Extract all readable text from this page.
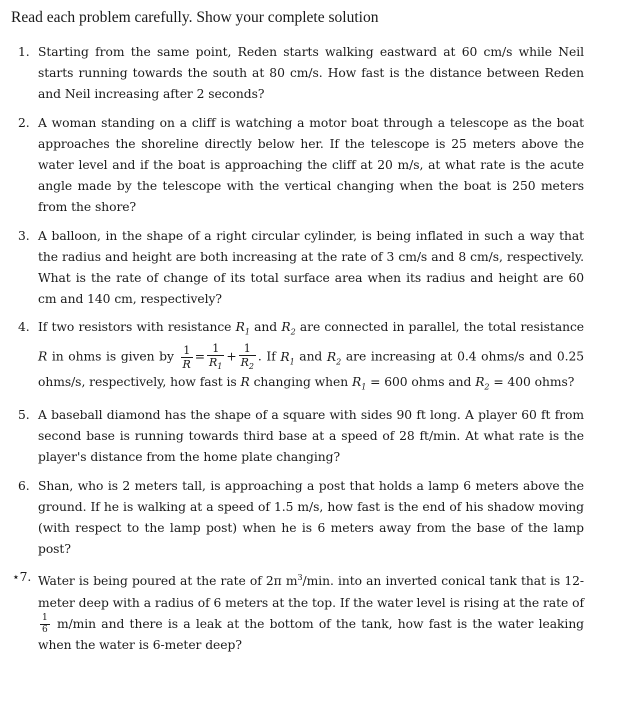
Read each problem carefully. Show your complete solution
1. Starting from the same point, Reden starts walking eastward at 60 cm/s while Neil starts running towards the south at 80 cm/s. How fast is the distance between Reden and Neil increasing after 2 seconds?
2. A woman standing on a cliff is watching a motor boat through a telescope as the boat approaches the shoreline directly below her. If the telescope is 25 meters above the water level and if the boat is approaching the cliff at 20 m/s, at what rate is the acute angle made by the telescope with the vertical changing when the boat is 250 meters from the shore?
3. A balloon, in the shape of a right circular cylinder, is being inflated in such a way that the radius and height are both increasing at the rate of 3 cm/s and 8 cm/s, respectively. What is the rate of change of its total surface area when its radius and height are 60 cm and 140 cm, respectively?
4. If two resistors with resistance $R_1$ and $R_2$ are connected in parallel, the total resistance R in ohms is given by $\frac{1}{R} = \frac{1}{R_1} + \frac{1}{R_2}$ . If $R_1$ and $R_2$ are increasing at 0.4 ohms/s and 0.25 ohms/s, respectively, how fast is R changing when $R_1 = 600$ ohms and $R_2 = 400$ ohms?
5. A baseball diamond has the shape of a square with sides 90 ft long. A player 60 ft from second base is running towards third base at a speed of 28 ft/min. At what rate is the player's distance from the home plate changing?
6. Shan, who is 2 meters tall, is approaching a post that holds a lamp 6 meters above the ground. If he is walking at a speed of 1.5 m/s, how fast is the end of his shadow moving (with respect to the lamp post) when he is 6 meters away from the base of the lamp post?
⋆7. Water is being poured at the rate of 2π $m^3/\min$. into an inverted conical tank that is 12-meter deep with a radius of 6 meters at the top. If the water level is rising at the rate of
$\frac{1}{6} m/\min$ and there is a leak at the bottom of the tank, how fast is the water leaking when the water is 6-meter deep?
